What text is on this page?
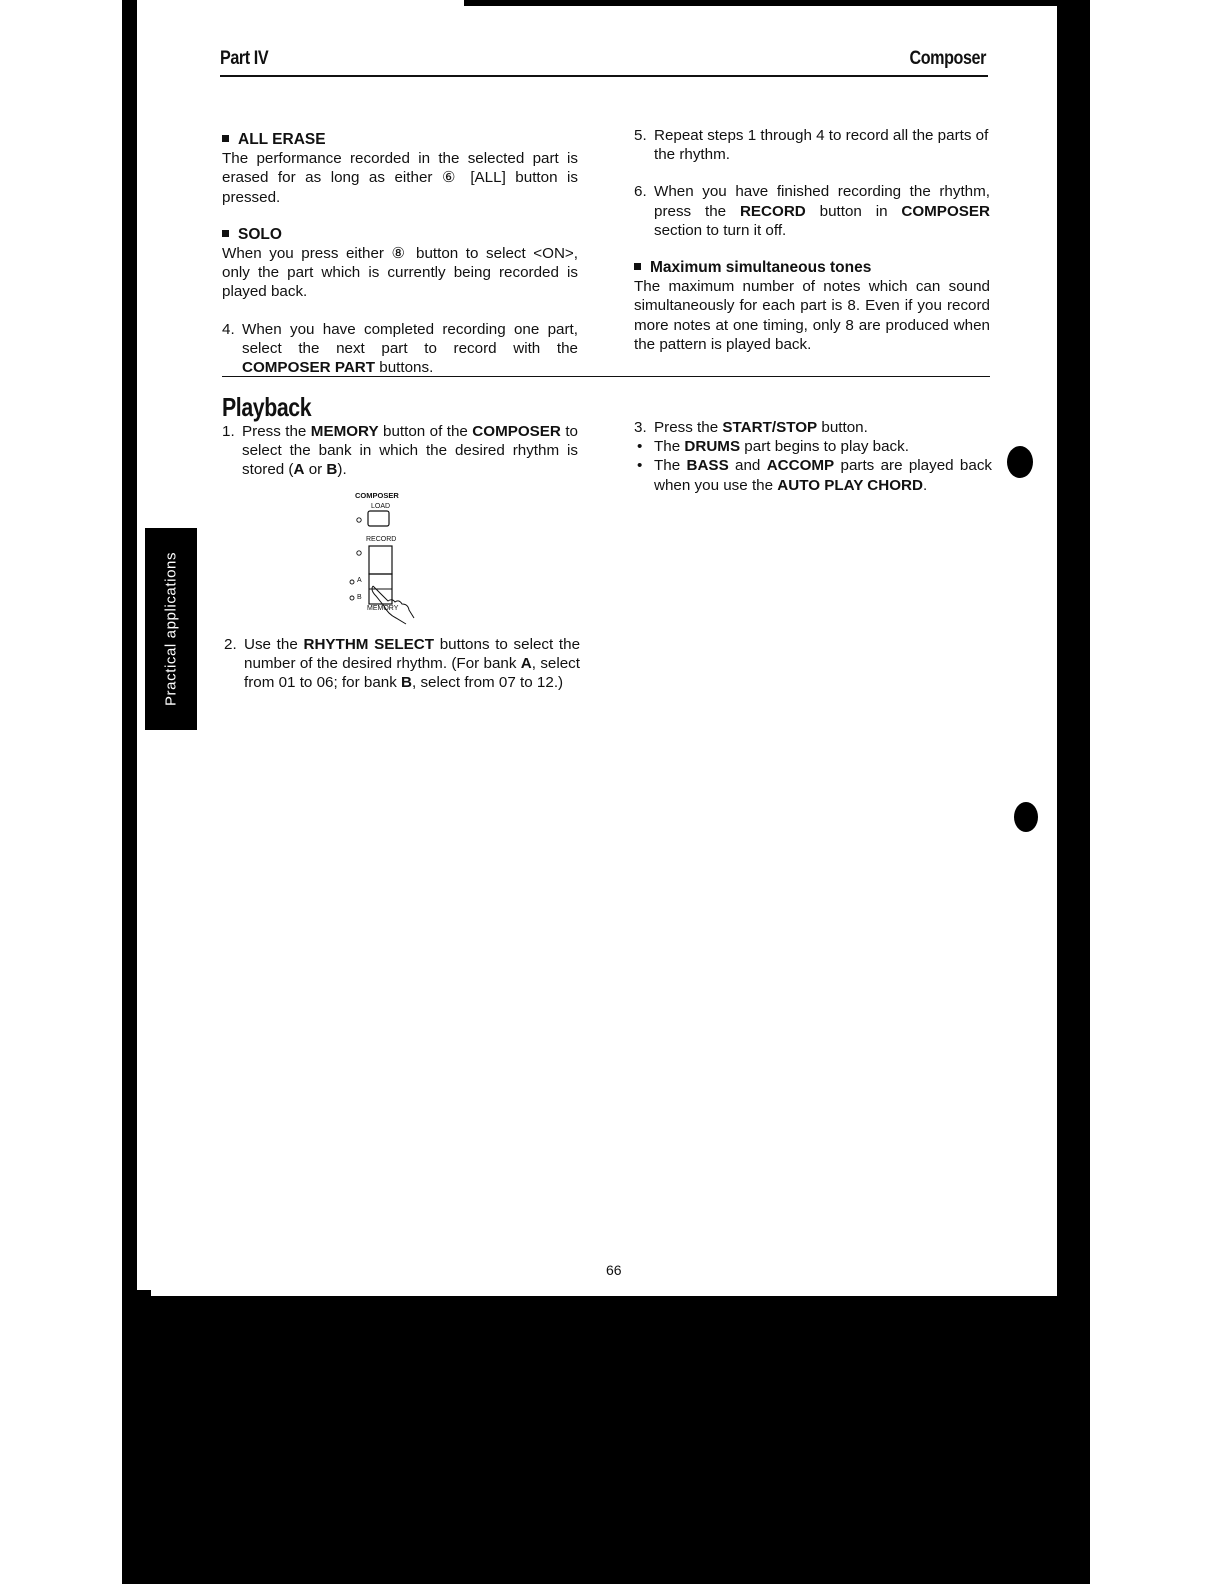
Part IV	Composer

ALL ERASE

The performance recorded in the selected part is erased for as long as either ⑥ [ALL] button is pressed.

SOLO

When you press either ⑧ button to select <ON>, only the part which is currently being recorded is played back.

4. When you have completed recording one part, select the next part to record with the COMPOSER PART buttons.
5. Repeat steps 1 through 4 to record all the parts of the rhythm.
6. When you have finished recording the rhythm, press the RECORD button in COMPOSER section to turn it off.

Maximum simultaneous tones

The maximum number of notes which can sound simultaneously for each part is 8. Even if you record more notes at one timing, only 8 are produced when the pattern is played back.

Playback
1. Press the MEMORY button of the COMPOSER to select the bank in which the desired rhythm is stored (A or B).
COMPOSER
LOAD
RECORD
A
B
MEMORY
2. Use the RHYTHM SELECT buttons to select the number of the desired rhythm. (For bank A, select from 01 to 06; for bank B, select from 07 to 12.)
3. Press the START/STOP button.
• The DRUMS part begins to play back.
• The BASS and ACCOMP parts are played back when you use the AUTO PLAY CHORD.
Practical applications
66
